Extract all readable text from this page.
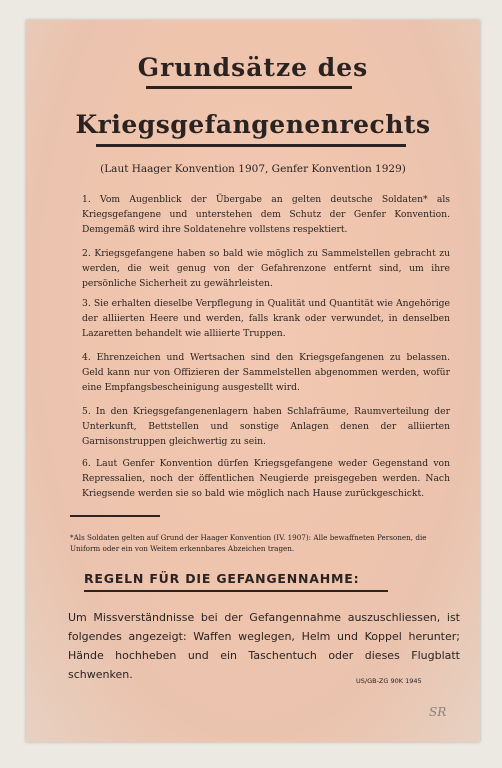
Grundsätze des
Kriegsgefangenenrechts
(Laut Haager Konvention 1907, Genfer Konvention 1929)
1. Vom Augenblick der Übergabe an gelten deutsche Soldaten* als Kriegsgefangene und unterstehen dem Schutz der Genfer Konvention. Demgemäß wird ihre Soldatenehre vollstens respektiert.
2. Kriegsgefangene haben so bald wie möglich zu Sammelstellen gebracht zu werden, die weit genug von der Gefahrenzone entfernt sind, um ihre persönliche Sicherheit zu gewährleisten.
3. Sie erhalten dieselbe Verpflegung in Qualität und Quantität wie Angehörige der alliierten Heere und werden, falls krank oder verwundet, in denselben Lazaretten behandelt wie alliierte Truppen.
4. Ehrenzeichen und Wertsachen sind den Kriegsgefangenen zu belassen. Geld kann nur von Offizieren der Sammelstellen abgenommen werden, wofür eine Empfangsbescheinigung ausgestellt wird.
5. In den Kriegsgefangenenlagern haben Schlafräume, Raumverteilung der Unterkunft, Bettstellen und sonstige Anlagen denen der alliierten Garnisonstruppen gleichwertig zu sein.
6. Laut Genfer Konvention dürfen Kriegsgefangene weder Gegenstand von Repressalien, noch der öffentlichen Neugierde preisgegeben werden. Nach Kriegsende werden sie so bald wie möglich nach Hause zurückgeschickt.
*Als Soldaten gelten auf Grund der Haager Konvention (IV. 1907): Alle bewaffneten Personen, die Uniform oder ein von Weitem erkennbares Abzeichen tragen.
REGELN FÜR DIE GEFANGENNAHME:
Um Missverständnisse bei der Gefangennahme auszuschliessen, ist folgendes angezeigt: Waffen weglegen, Helm und Koppel herunter; Hände hochheben und ein Taschentuch oder dieses Flugblatt schwenken.	US/GB-ZG 90K 1945
SR
